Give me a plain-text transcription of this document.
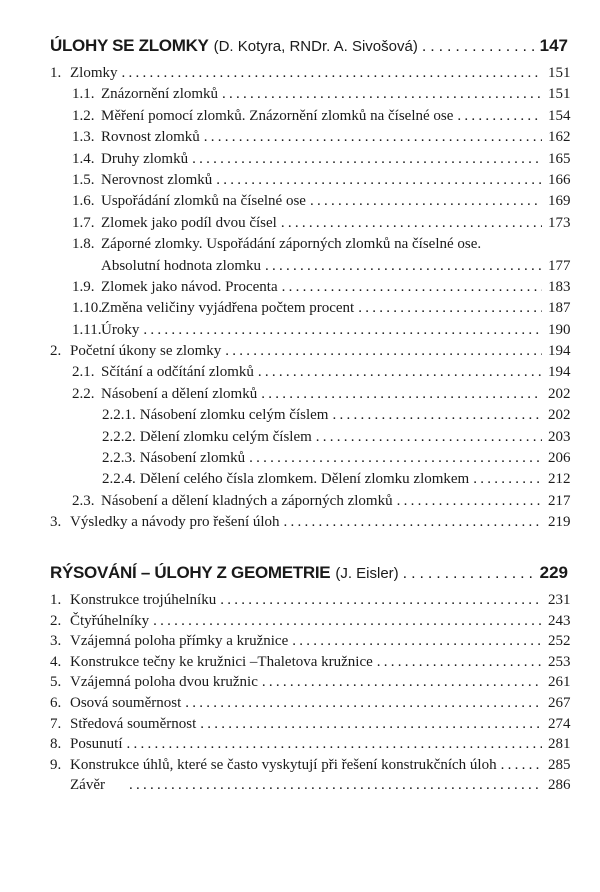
ÚLOHY SE ZLOMKY (D. Kotyra, RNDr. A. Sivošová) . . .	147
1. Zlomky . . .	151
1.1. Znázornění zlomků . . .	151
1.2. Měření pomocí zlomků. Znázornění zlomků na číselné ose . . .	154
1.3. Rovnost zlomků . . .	162
1.4. Druhy zlomků . . .	165
1.5. Nerovnost zlomků . . .	166
1.6. Uspořádání zlomků na číselné ose . . .	169
1.7. Zlomek jako podíl dvou čísel . . .	173
1.8. Záporné zlomky. Uspořádání záporných zlomků na číselné ose.
Absolutní hodnota zlomku . . .	177
1.9. Zlomek jako návod. Procenta . . .	183
1.10.Změna veličiny vyjádřena počtem procent . . .	187
1.11.Úroky . . .	190
2. Početní úkony se zlomky . . .	194
2.1. Sčítání a odčítání zlomků . . .	194
2.2. Násobení a dělení zlomků . . .	202
2.2.1. Násobení zlomku celým číslem . . .	202
2.2.2. Dělení zlomku celým číslem . . .	203
2.2.3. Násobení zlomků . . .	206
2.2.4. Dělení celého čísla zlomkem. Dělení zlomku zlomkem . . .	212
2.3. Násobení a dělení kladných a záporných zlomků . . .	217
3. Výsledky a návody pro řešení úloh . . .	219
RÝSOVÁNÍ – ÚLOHY Z GEOMETRIE (J. Eisler) . . .	229
1. Konstrukce trojúhelníku . . .	231
2. Čtyřúhelníky . . .	243
3. Vzájemná poloha přímky a kružnice . . .	252
4. Konstrukce tečny ke kružnici –Thaletova kružnice . . .	253
5. Vzájemná poloha dvou kružnic . . .	261
6. Osová souměrnost . . .	267
7. Středová souměrnost . . .	274
8. Posunutí . . .	281
9. Konstrukce úhlů, které se často vyskytují při řešení konstrukčních úloh . . .	285
Závěr . . .	286
